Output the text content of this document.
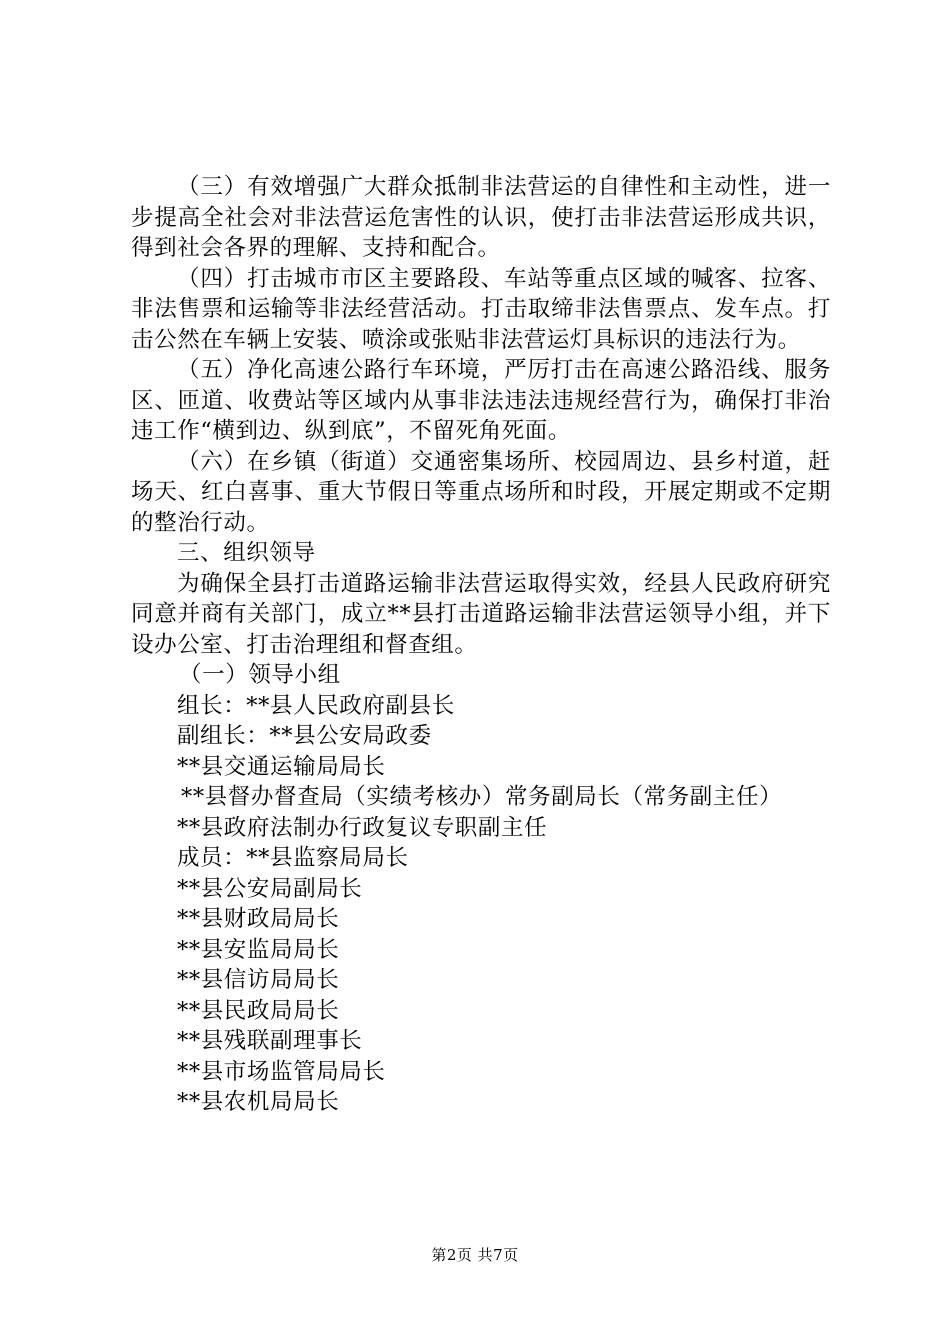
（三）有效增强广大群众抵制非法营运的自律性和主动性，进一步提高全社会对非法营运危害性的认识，使打击非法营运形成共识，得到社会各界的理解、支持和配合。

（四）打击城市市区主要路段、车站等重点区域的喊客、拉客、非法售票和运输等非法经营活动。打击取缔非法售票点、发车点。打击公然在车辆上安装、喷涂或张贴非法营运灯具标识的违法行为。

（五）净化高速公路行车环境，严厉打击在高速公路沿线、服务区、匝道、收费站等区域内从事非法违法违规经营行为，确保打非治违工作“横到边、纵到底”，不留死角死面。

（六）在乡镇（街道）交通密集场所、校园周边、县乡村道，赶场天、红白喜事、重大节假日等重点场所和时段，开展定期或不定期的整治行动。

三、组织领导

为确保全县打击道路运输非法营运取得实效，经县人民政府研究同意并商有关部门，成立**县打击道路运输非法营运领导小组，并下设办公室、打击治理组和督查组。

（一）领导小组

组长：**县人民政府副县长

副组长：**县公安局政委

**县交通运输局局长

**县督办督查局（实绩考核办）常务副局长（常务副主任）

**县政府法制办行政复议专职副主任

成员：**县监察局局长

**县公安局副局长

**县财政局局长

**县安监局局长

**县信访局局长

**县民政局局长

**县残联副理事长

**县市场监管局局长

**县农机局局长

第2页 共7页
